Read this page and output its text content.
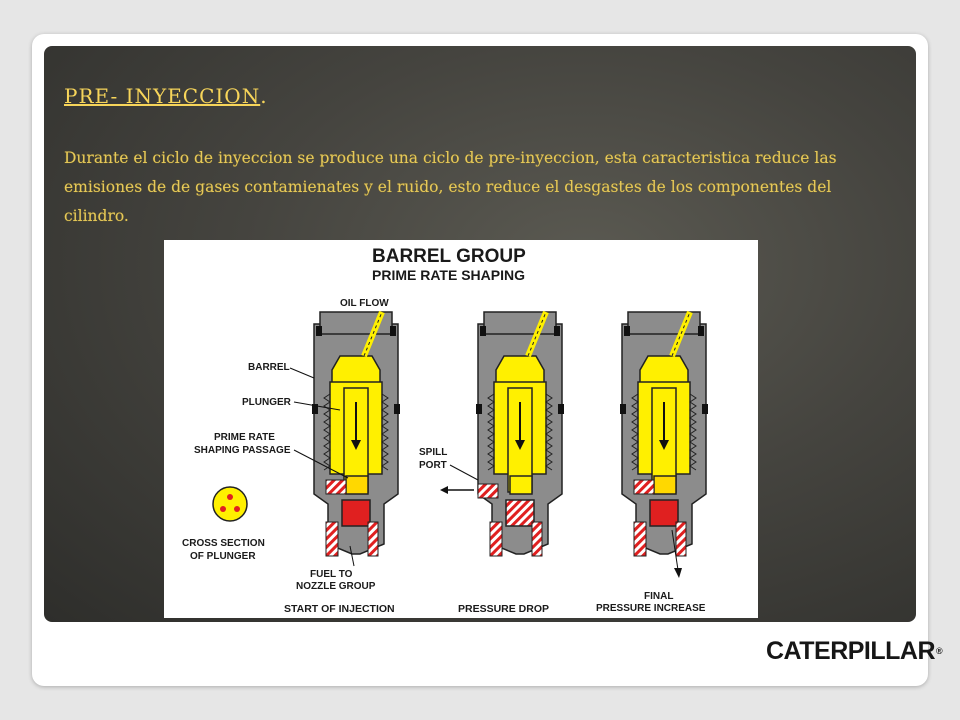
PRE- INYECCION.

Durante el ciclo de inyeccion se produce una ciclo de pre-inyeccion, esta caracteristica reduce las emisiones de de gases contamienates y el ruido, esto reduce el desgastes de los componentes del cilindro.

BARREL GROUP
PRIME RATE SHAPING
OIL FLOW
BARREL
PLUNGER
PRIME RATE
SHAPING PASSAGE
CROSS SECTION
OF PLUNGER
SPILL
PORT
FUEL TO
NOZZLE GROUP
FINAL
PRESSURE INCREASE
START OF INJECTION	PRESSURE DROP
CATERPILLAR®
